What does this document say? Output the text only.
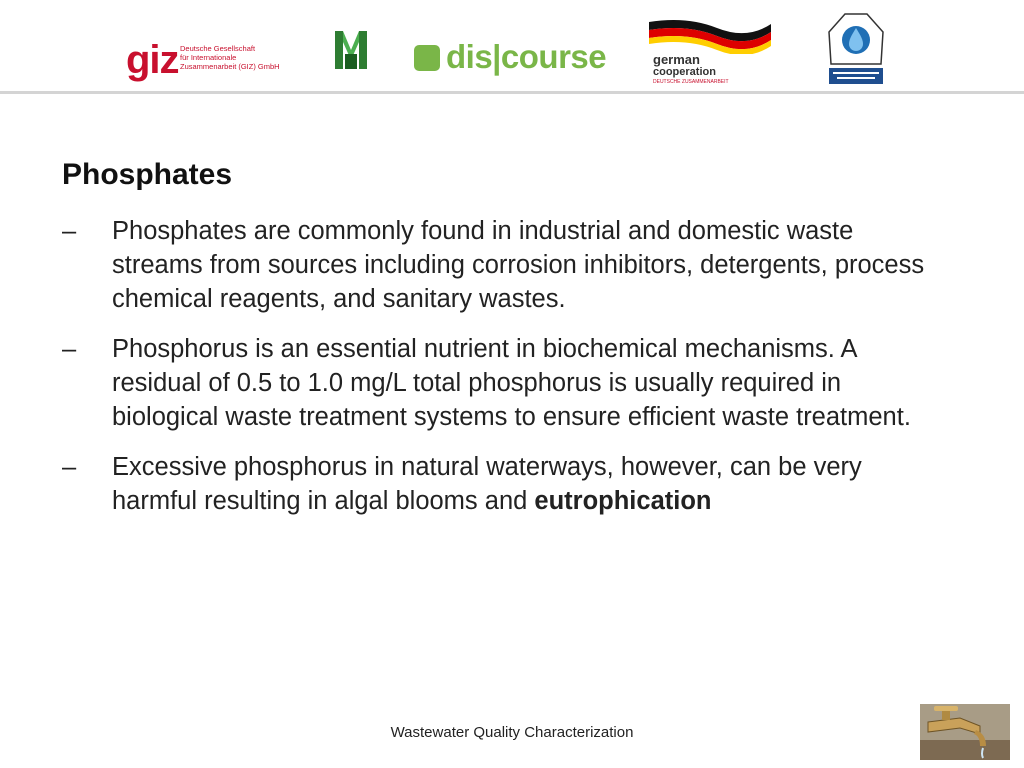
giz Deutsche Gesellschaft
für Internationale
Zusammenarbeit (GIZ) GmbH	dis|course	german
cooperation
DEUTSCHE ZUSAMMENARBEIT
Phosphates
– Phosphates are commonly found in industrial and domestic waste streams from sources including corrosion inhibitors, detergents, process chemical reagents, and sanitary wastes.
– Phosphorus is an essential nutrient in biochemical mechanisms. A residual of 0.5 to 1.0 mg/L total phosphorus is usually required in biological waste treatment systems to ensure efficient waste treatment.
– Excessive phosphorus in natural waterways, however, can be very harmful resulting in algal blooms and eutrophication
Wastewater Quality Characterization
